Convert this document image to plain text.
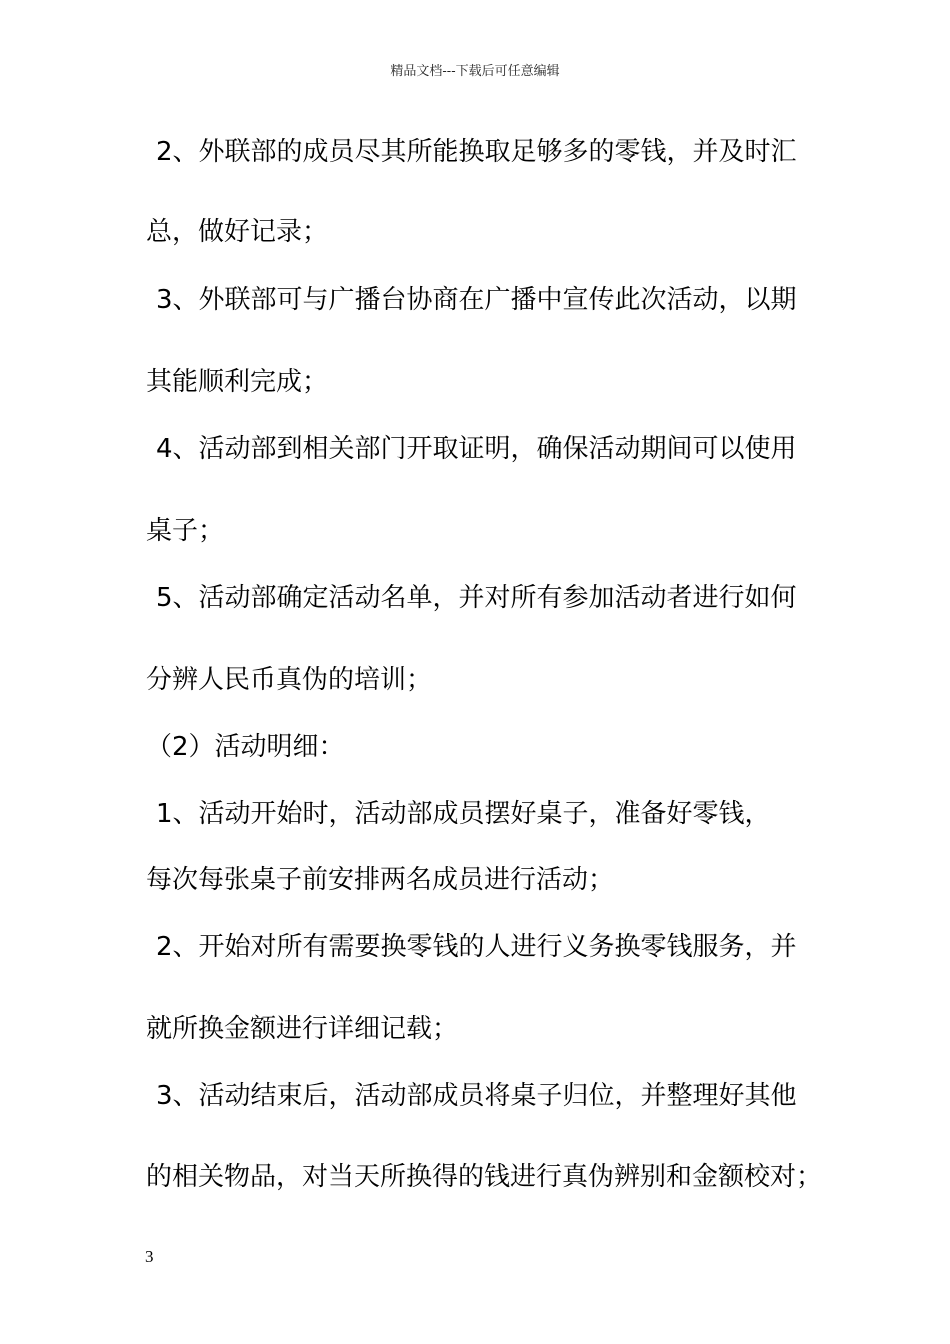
精品文档---下载后可任意编辑
2、外联部的成员尽其所能换取足够多的零钱，并及时汇
总，做好记录；
3、外联部可与广播台协商在广播中宣传此次活动，以期
其能顺利完成；
4、活动部到相关部门开取证明，确保活动期间可以使用
桌子；
5、活动部确定活动名单，并对所有参加活动者进行如何
分辨人民币真伪的培训；
（2）活动明细：
1、活动开始时，活动部成员摆好桌子，准备好零钱，
每次每张桌子前安排两名成员进行活动；
2、开始对所有需要换零钱的人进行义务换零钱服务，并
就所换金额进行详细记载；
3、活动结束后，活动部成员将桌子归位，并整理好其他
的相关物品，对当天所换得的钱进行真伪辨别和金额校对；
3
